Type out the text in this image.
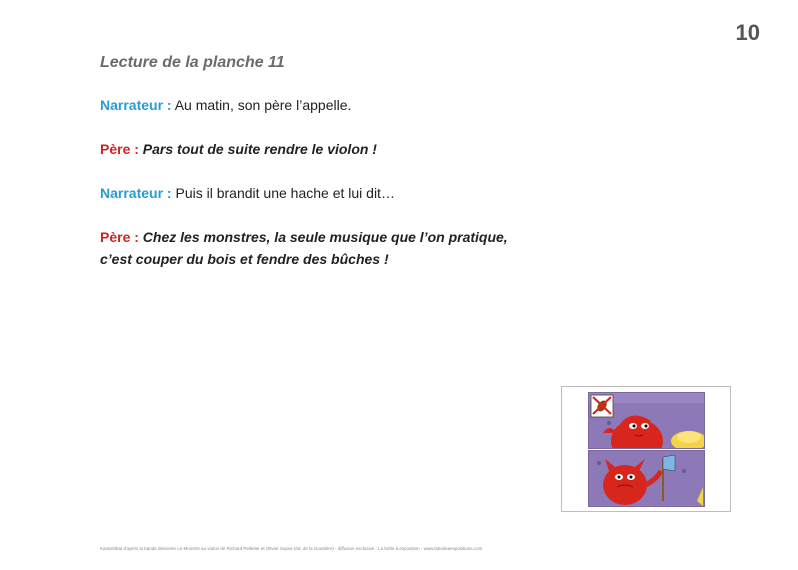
10
Lecture de la planche 11
Narrateur : Au matin, son père l’appelle.
Père : Pars tout de suite rendre le violon !
Narrateur : Puis il brandit une hache et lui dit…
Père : Chez les monstres, la seule musique que l’on pratique,
c’est couper du bois et fendre des bûches !
Kamishibaï d’après la bande dessinée Le Monstre au violon de Richard Pelletier et Olivier Supiot (éd. de la Gouttière) - diffusion exclusive : La boîte à exposition - www.laboiteaexpositions.com
